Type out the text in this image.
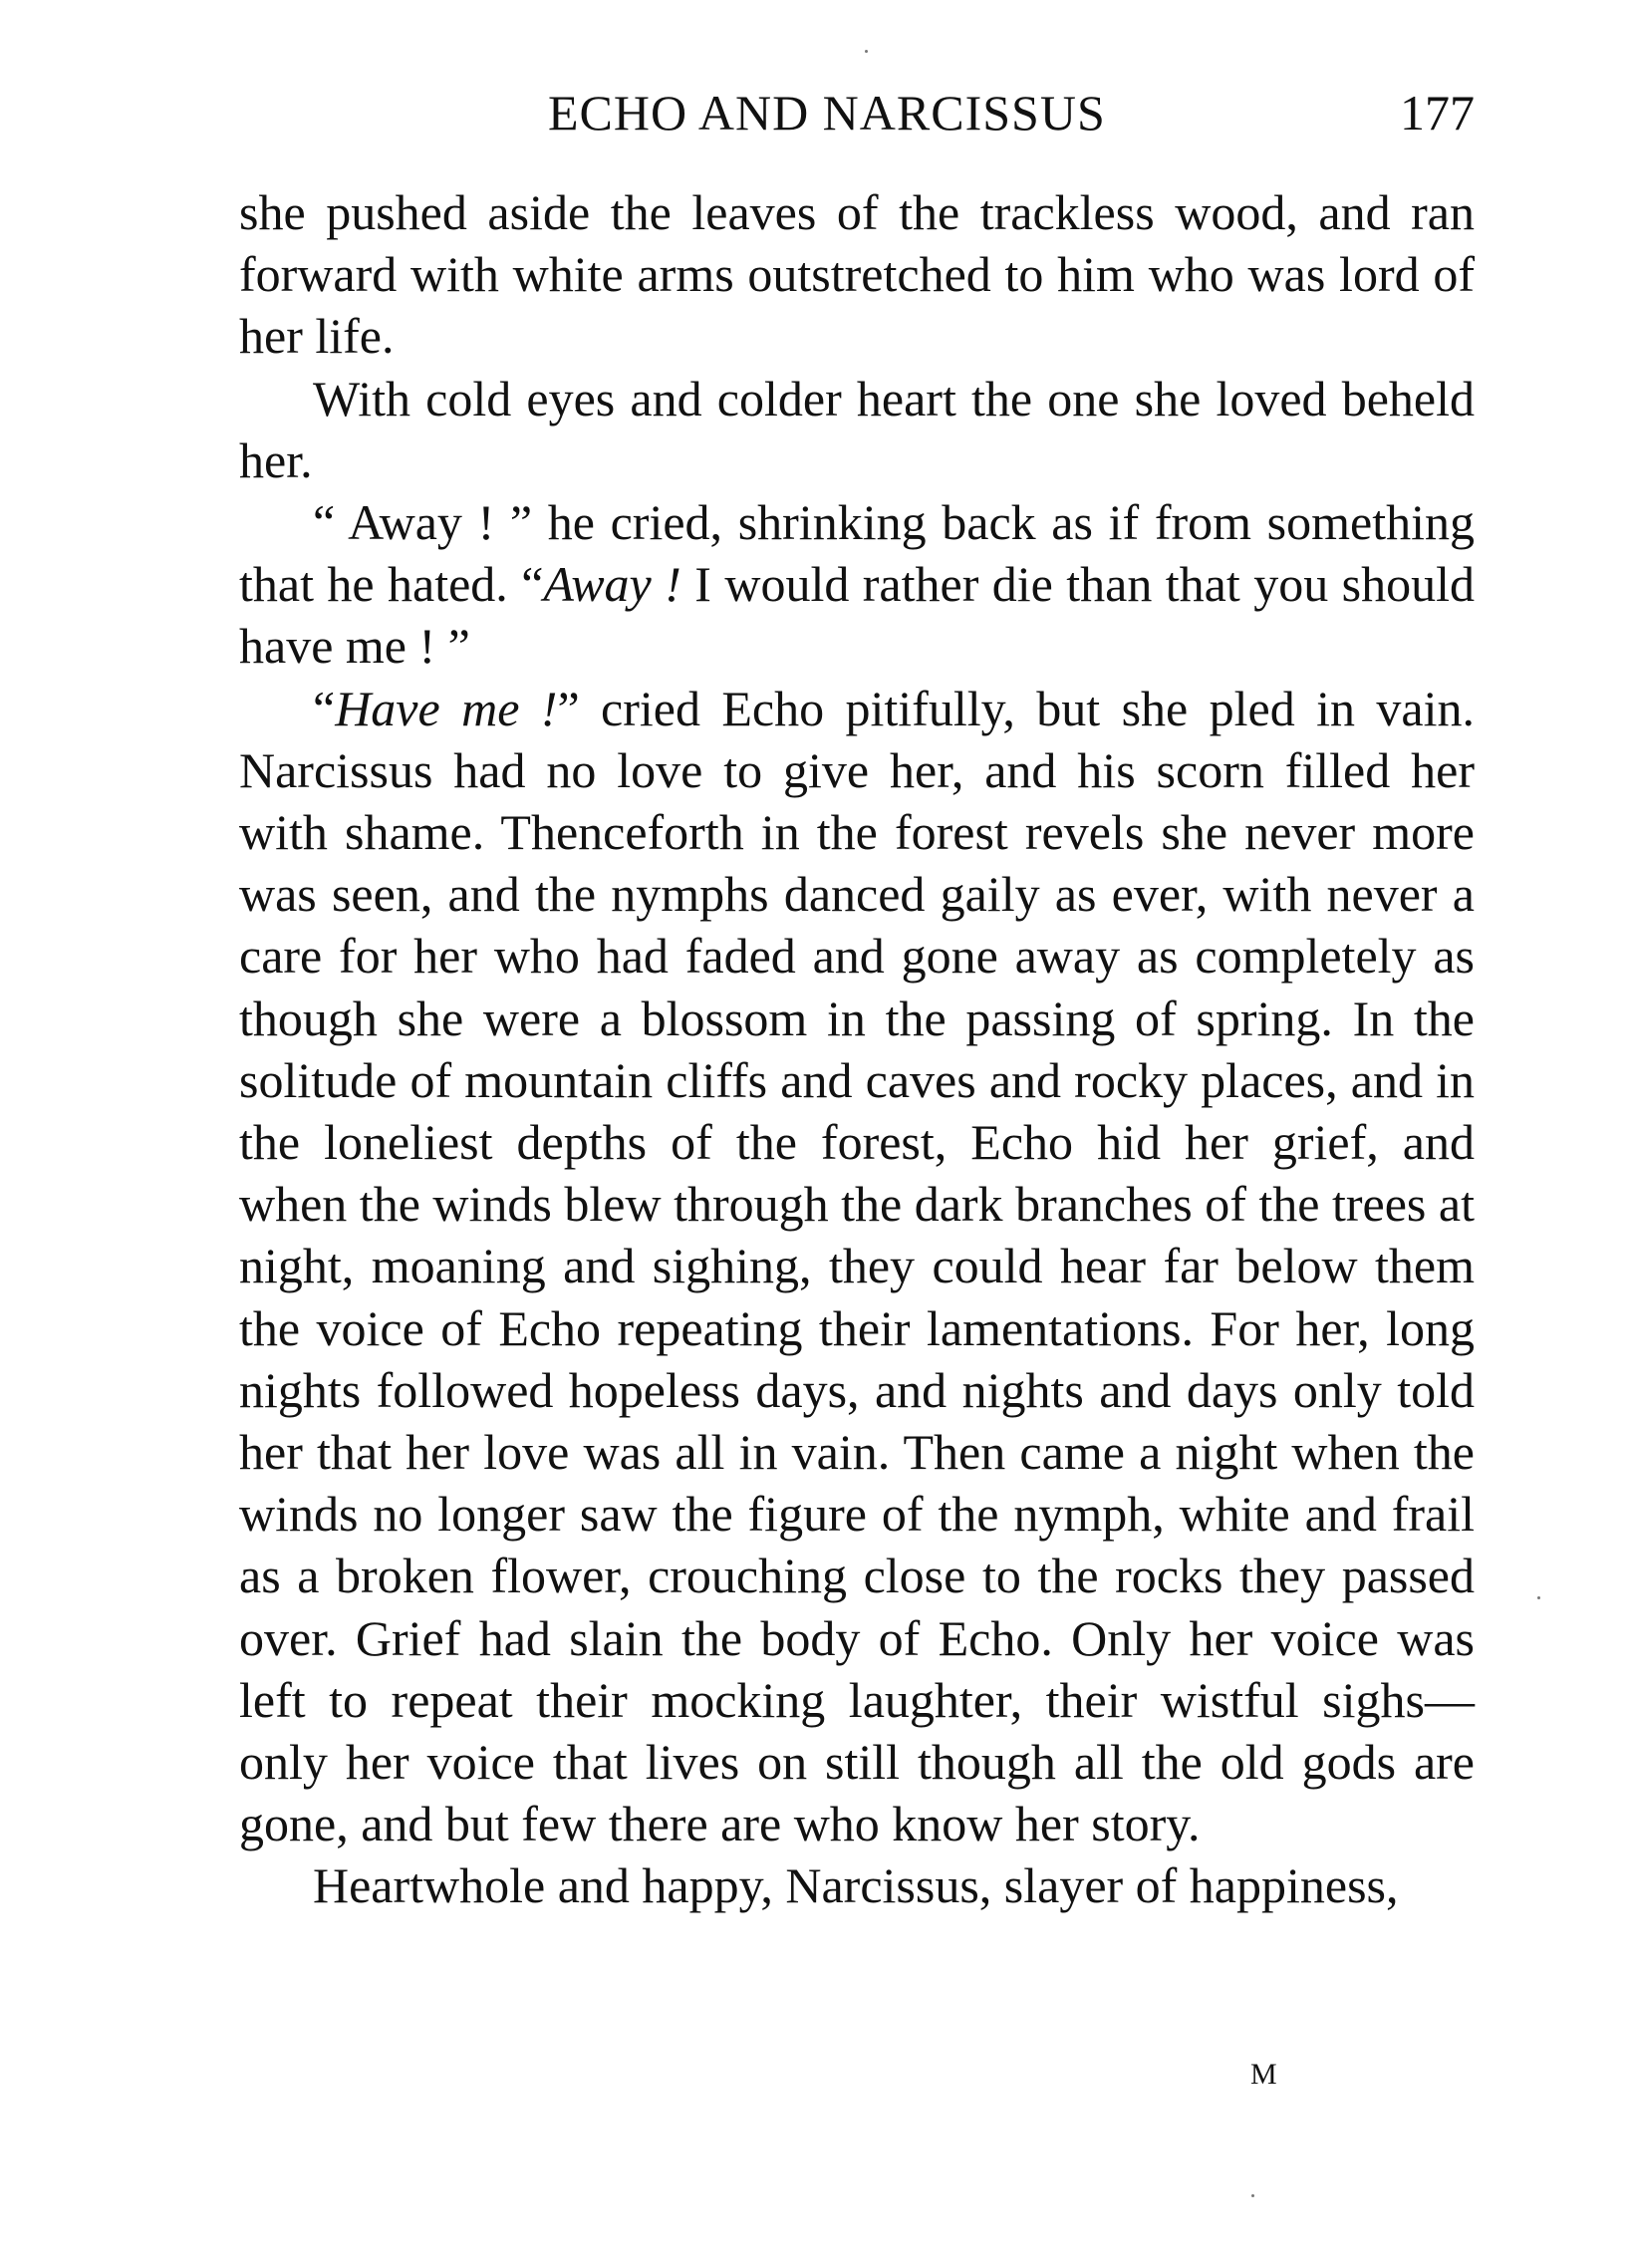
ECHO AND NARCISSUS	177

she pushed aside the leaves of the trackless wood, and ran forward with white arms outstretched to him who was lord of her life.

With cold eyes and colder heart the one she loved beheld her.

“ Away ! ” he cried, shrinking back as if from something that he hated. “Away ! I would rather die than that you should have me ! ”

“Have me !” cried Echo pitifully, but she pled in vain. Narcissus had no love to give her, and his scorn filled her with shame. Thenceforth in the forest revels she never more was seen, and the nymphs danced gaily as ever, with never a care for her who had faded and gone away as completely as though she were a blossom in the passing of spring. In the solitude of mountain cliffs and caves and rocky places, and in the loneliest depths of the forest, Echo hid her grief, and when the winds blew through the dark branches of the trees at night, moaning and sighing, they could hear far below them the voice of Echo repeating their lamentations. For her, long nights followed hopeless days, and nights and days only told her that her love was all in vain. Then came a night when the winds no longer saw the figure of the nymph, white and frail as a broken flower, crouching close to the rocks they passed over. Grief had slain the body of Echo. Only her voice was left to repeat their mocking laughter, their wistful sighs—only her voice that lives on still though all the old gods are gone, and but few there are who know her story.

Heartwhole and happy, Narcissus, slayer of happiness,

M
